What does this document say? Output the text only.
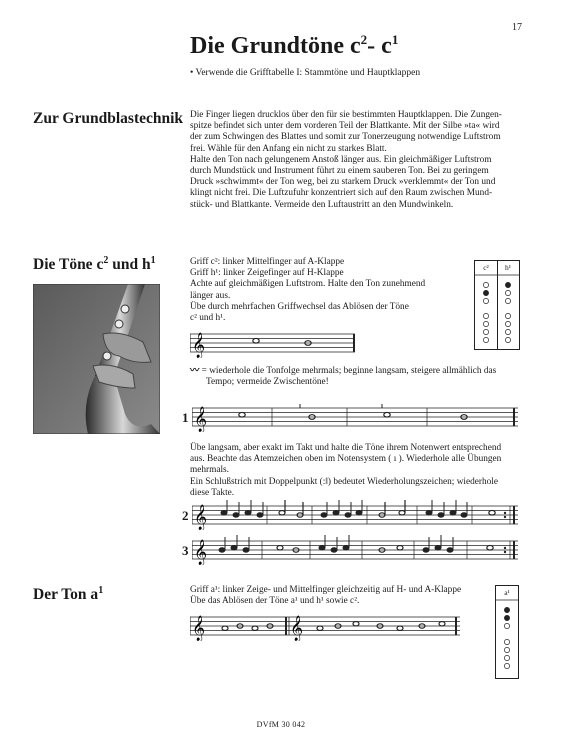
17
Die Grundtöne $c^2-$ $c^1$
• Verwende die Grifftabelle I: Stammtöne und Hauptklappen
Zur Grundblastechnik Die Finger liegen drucklos über den für sie bestimmten Hauptklappen. Die Zungen-

spitze befindet sich unter dem vorderen Teil der Blattkante. Mit der Silbe »ta« wird

der zum Schwingen des Blattes und somit zur Tonerzeugung notwendige Luftstrom

frei. Wähle für den Anfang ein nicht zu starkes Blatt.

Halte den Ton nach gelungenem Anstoß länger aus. Ein gleichmäßiger Luftstrom

durch Mundstück und Instrument führt zu einem sauberen Ton. Bei zu geringem

Druck »schwimmt« der Ton weg, bei zu starkem Druck »verklemmt« der Ton und

klingt nicht frei. Die Luftzufuhr konzentriert sich auf den Raum zwischen Mund-

stück- und Blattkante. Vermeide den Luftaustritt an den Mundwinkeln.

Die Töne $c^2$ und $h^1$	Griff c²: linker Mittelfinger auf A-Klappe

Griff h¹: linker Zeigefinger auf H-Klappe

Achte auf gleichmäßigen Luftstrom. Halte den Ton zunehmend

länger aus.

Übe durch mehrfachen Griffwechsel das Ablösen der Töne

c² und h¹.

c²	h¹
𝄞

〰 = wiederhole die Tonfolge mehrmals; beginne langsam, steigere allmählich das

Tempo; vermeide Zwischentöne!

1 𝄞

Übe langsam, aber exakt im Takt und halte die Töne ihrem Notenwert entsprechend

aus. Beachte das Atemzeichen oben im Notensystem ( ı ). Wiederhole alle Übungen

mehrmals.

Ein Schlußstrich mit Doppelpunkt (:‖) bedeutet Wiederholungszeichen; wiederhole

diese Takte.

2 𝄞
3 𝄞
Der Ton $a^1$	Griff a¹: linker Zeige- und Mittelfinger gleichzeitig auf H- und A-Klappe

Übe das Ablösen der Töne a¹ und h¹ sowie c².

𝄞	𝄞
a¹
DVfM 30 042
